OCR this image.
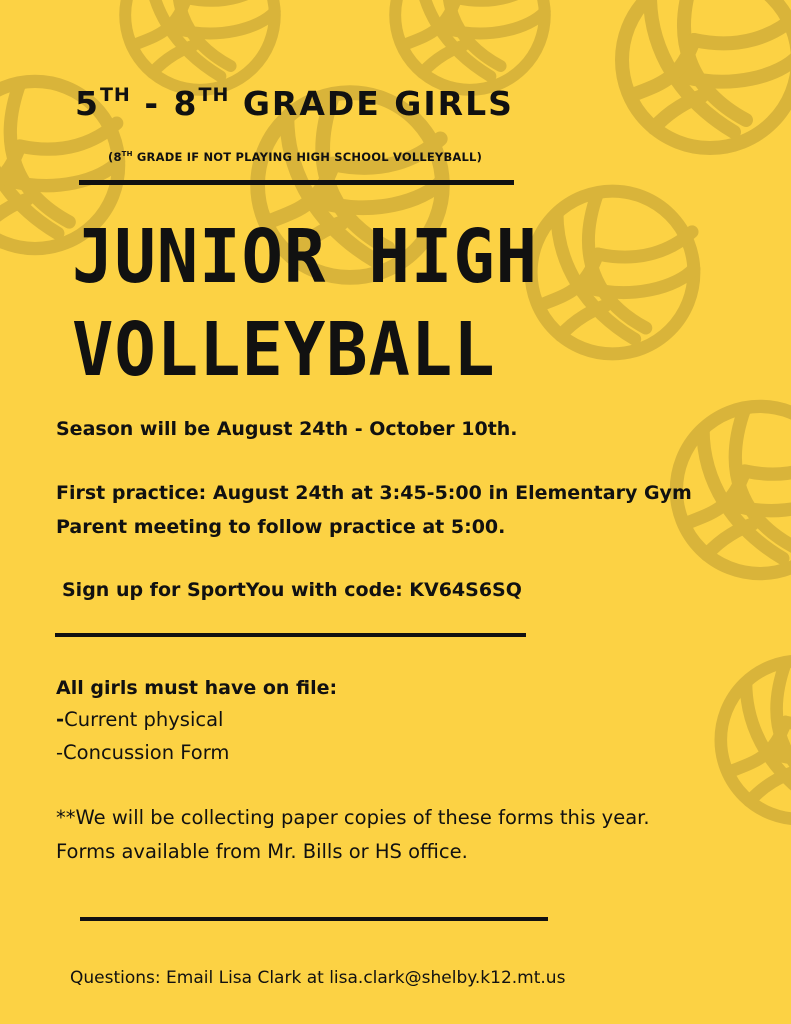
5TH - 8TH GRADE GIRLS
(8TH GRADE IF NOT PLAYING HIGH SCHOOL VOLLEYBALL)
JUNIOR HIGH
VOLLEYBALL
Season will be August 24th - October 10th.
First practice: August 24th at 3:45-5:00 in Elementary Gym
Parent meeting to follow practice at 5:00.
Sign up for SportYou with code: KV64S6SQ
All girls must have on file:
-Current physical
-Concussion Form
**We will be collecting paper copies of these forms this year.
Forms available from Mr. Bills or HS office.
Questions: Email Lisa Clark at lisa.clark@shelby.k12.mt.us
